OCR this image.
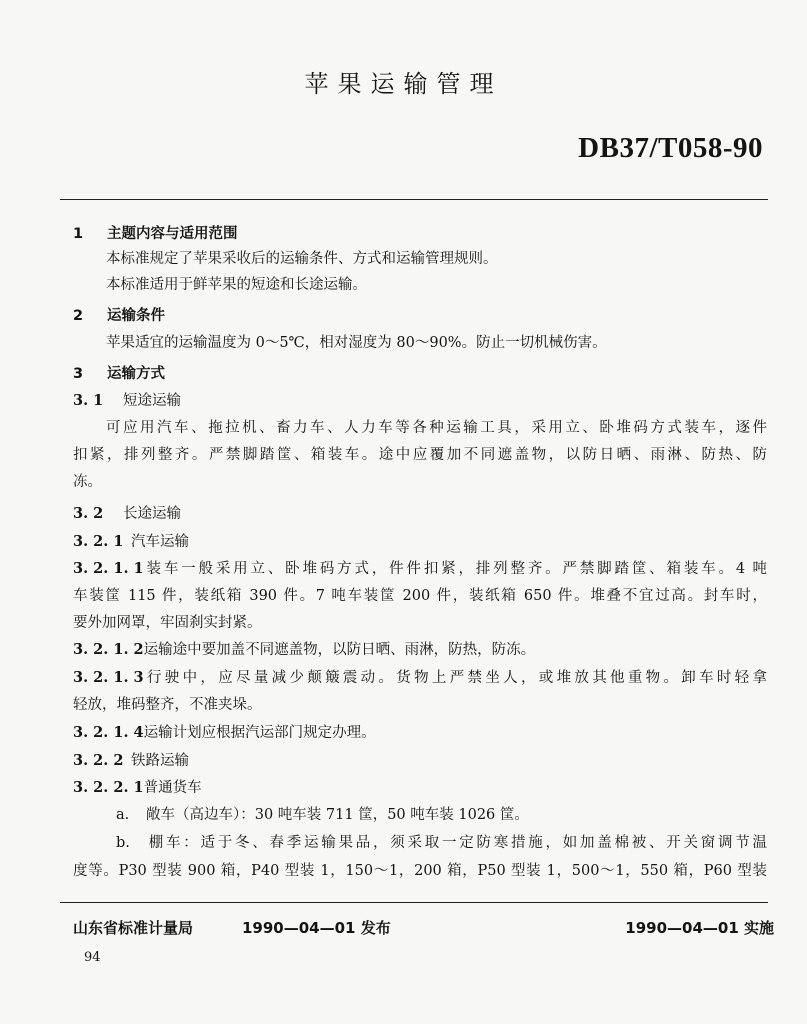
苹果运输管理
DB37/T058-90
1 主题内容与适用范围
本标准规定了苹果采收后的运输条件、方式和运输管理规则。
本标准适用于鲜苹果的短途和长途运输。
2 运输条件
苹果适宜的运输温度为 0～5℃，相对湿度为 80～90%。防止一切机械伤害。
3 运输方式
3. 1 短途运输
可应用汽车、拖拉机、畜力车、人力车等各种运输工具，采用立、卧堆码方式装车，逐件
扣紧，排列整齐。严禁脚踏筐、箱装车。途中应覆加不同遮盖物，以防日晒、雨淋、防热、防
冻。
3. 2 长途运输
3. 2. 1 汽车运输
3. 2. 1. 1装车一般采用立、卧堆码方式，件件扣紧，排列整齐。严禁脚踏筐、箱装车。4 吨
车装筐 115 件，装纸箱 390 件。7 吨车装筐 200 件，装纸箱 650 件。堆叠不宜过高。封车时，
要外加网罩，牢固刹实封紧。
3. 2. 1. 2运输途中要加盖不同遮盖物，以防日晒、雨淋，防热，防冻。
3. 2. 1. 3行驶中，应尽量减少颠簸震动。货物上严禁坐人，或堆放其他重物。卸车时轻拿
轻放，堆码整齐，不准夹垛。
3. 2. 1. 4运输计划应根据汽运部门规定办理。
3. 2. 2 铁路运输
3. 2. 2. 1普通货车
a. 敞车（高边车）：30 吨车装 711 筐，50 吨车装 1026 筐。
b. 棚车：适于冬、春季运输果品，须采取一定防寒措施，如加盖棉被、开关窗调节温
度等。P30 型装 900 箱，P40 型装 1，150～1，200 箱，P50 型装 1，500～1，550 箱，P60 型装
山东省标准计量局	1990—04—01 发布	1990—04—01 实施
94
